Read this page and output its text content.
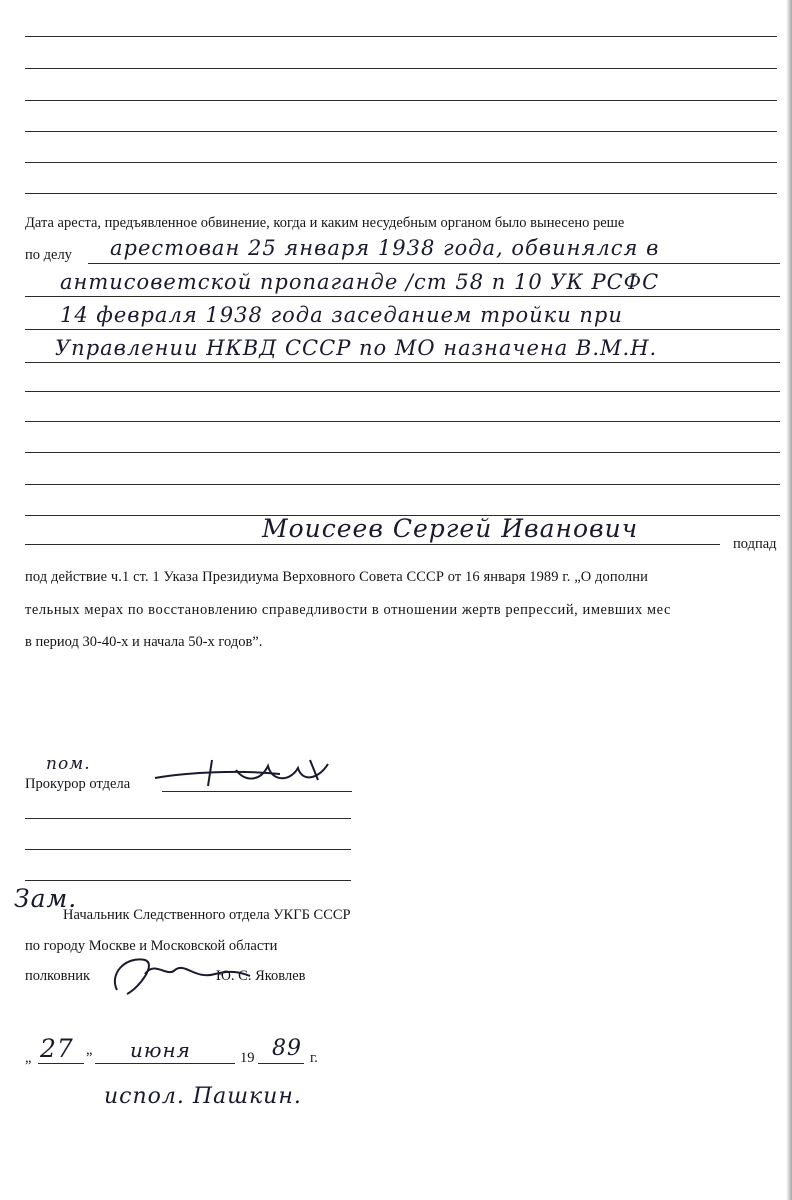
Дата ареста, предъявленное обвинение, когда и каким несудебным органом было вынесено реше
по делу арестован 25 января 1938 года, обвинялся в
антисоветской пропаганде /ст 58 п 10 УК РСФС
14 февраля 1938 года заседанием тройки при
Управлении НКВД СССР по МО назначена В.М.Н.
Моисеев Сергей Иванович
подпад
под действие ч.1 ст. 1 Указа Президиума Верховного Совета СССР от 16 января 1989 г. „О дополни
тельных мерах по восстановлению справедливости в отношении жертв репрессий, имевших мес
в период 30-40-х и начала 50-х годов”.
пом.
Прокурор отдела
Зам.
Начальник Следственного отдела УКГБ СССР
по городу Москве и Московской области
полковник	Ю. С. Яковлев
„ 27 ” июня	19 89 г.
испол. Пашкин.
